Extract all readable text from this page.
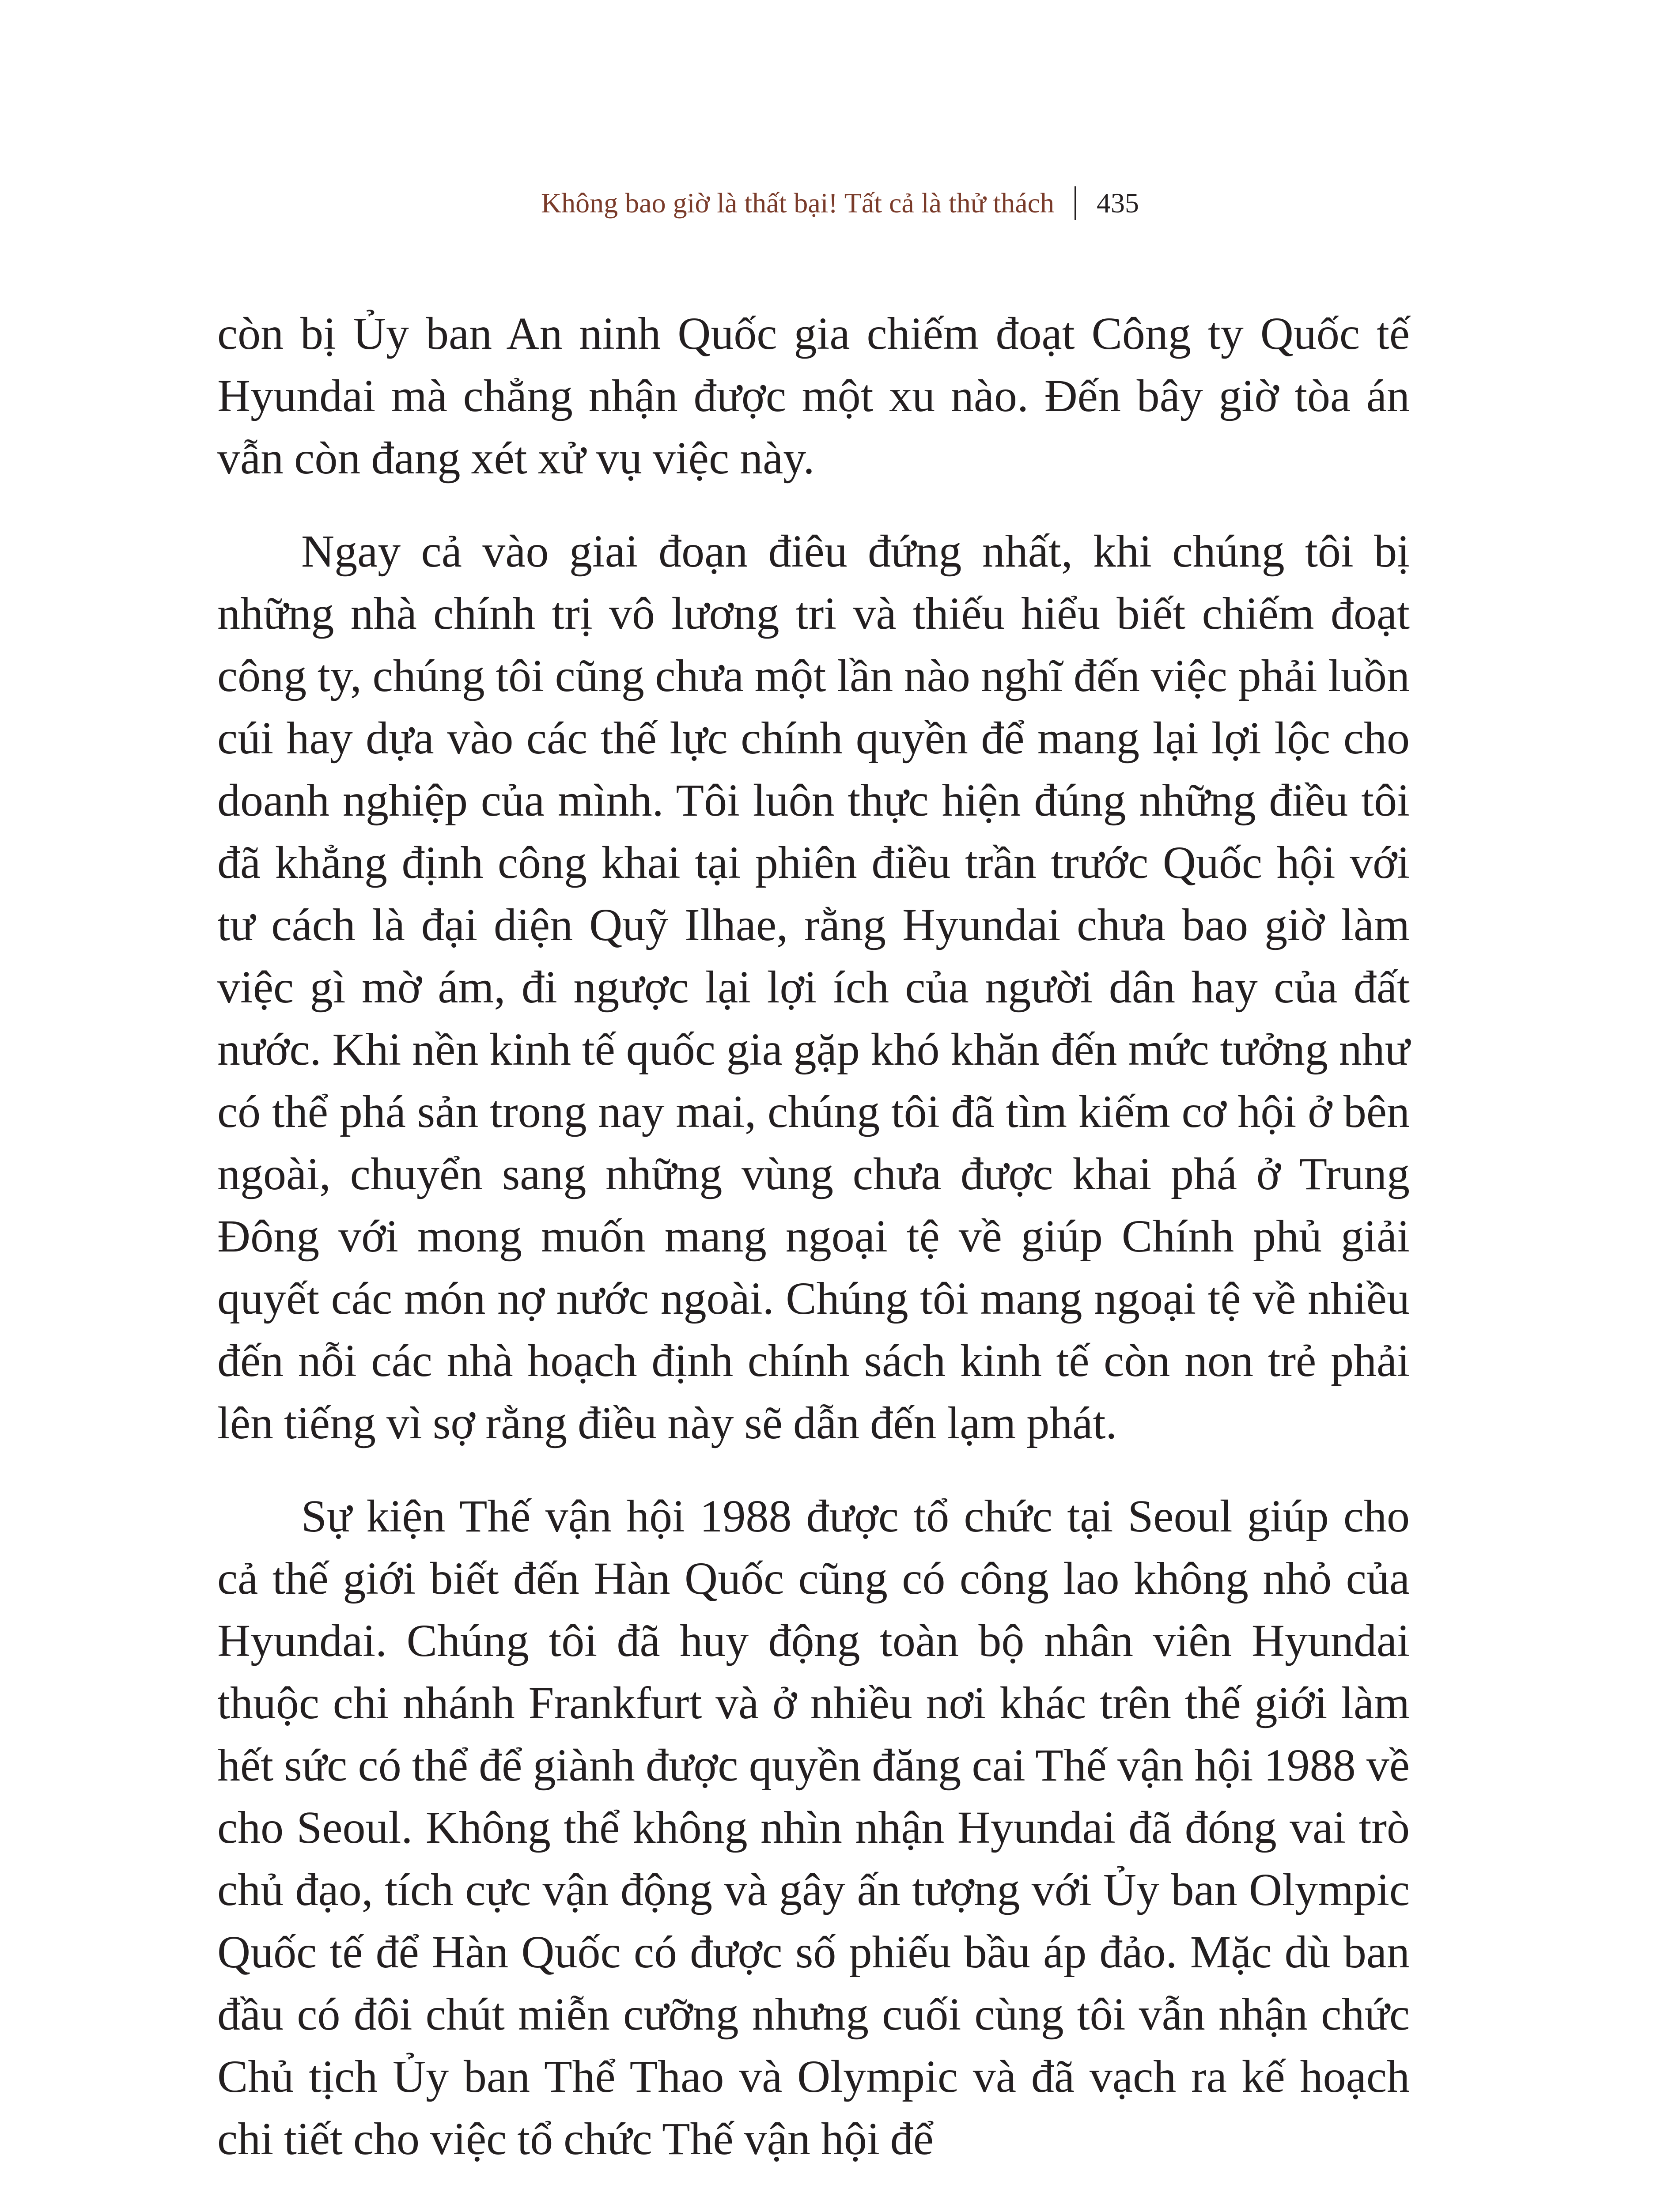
Không bao giờ là thất bại! Tất cả là thử thách 435

còn bị Ủy ban An ninh Quốc gia chiếm đoạt Công ty Quốc tế Hyundai mà chẳng nhận được một xu nào. Đến bây giờ tòa án vẫn còn đang xét xử vụ việc này.

Ngay cả vào giai đoạn điêu đứng nhất, khi chúng tôi bị những nhà chính trị vô lương tri và thiếu hiểu biết chiếm đoạt công ty, chúng tôi cũng chưa một lần nào nghĩ đến việc phải luồn cúi hay dựa vào các thế lực chính quyền để mang lại lợi lộc cho doanh nghiệp của mình. Tôi luôn thực hiện đúng những điều tôi đã khẳng định công khai tại phiên điều trần trước Quốc hội với tư cách là đại diện Quỹ Ilhae, rằng Hyundai chưa bao giờ làm việc gì mờ ám, đi ngược lại lợi ích của người dân hay của đất nước. Khi nền kinh tế quốc gia gặp khó khăn đến mức tưởng như có thể phá sản trong nay mai, chúng tôi đã tìm kiếm cơ hội ở bên ngoài, chuyển sang những vùng chưa được khai phá ở Trung Đông với mong muốn mang ngoại tệ về giúp Chính phủ giải quyết các món nợ nước ngoài. Chúng tôi mang ngoại tệ về nhiều đến nỗi các nhà hoạch định chính sách kinh tế còn non trẻ phải lên tiếng vì sợ rằng điều này sẽ dẫn đến lạm phát.

Sự kiện Thế vận hội 1988 được tổ chức tại Seoul giúp cho cả thế giới biết đến Hàn Quốc cũng có công lao không nhỏ của Hyundai. Chúng tôi đã huy động toàn bộ nhân viên Hyundai thuộc chi nhánh Frankfurt và ở nhiều nơi khác trên thế giới làm hết sức có thể để giành được quyền đăng cai Thế vận hội 1988 về cho Seoul. Không thể không nhìn nhận Hyundai đã đóng vai trò chủ đạo, tích cực vận động và gây ấn tượng với Ủy ban Olympic Quốc tế để Hàn Quốc có được số phiếu bầu áp đảo. Mặc dù ban đầu có đôi chút miễn cưỡng nhưng cuối cùng tôi vẫn nhận chức Chủ tịch Ủy ban Thể Thao và Olympic và đã vạch ra kế hoạch chi tiết cho việc tổ chức Thế vận hội để
